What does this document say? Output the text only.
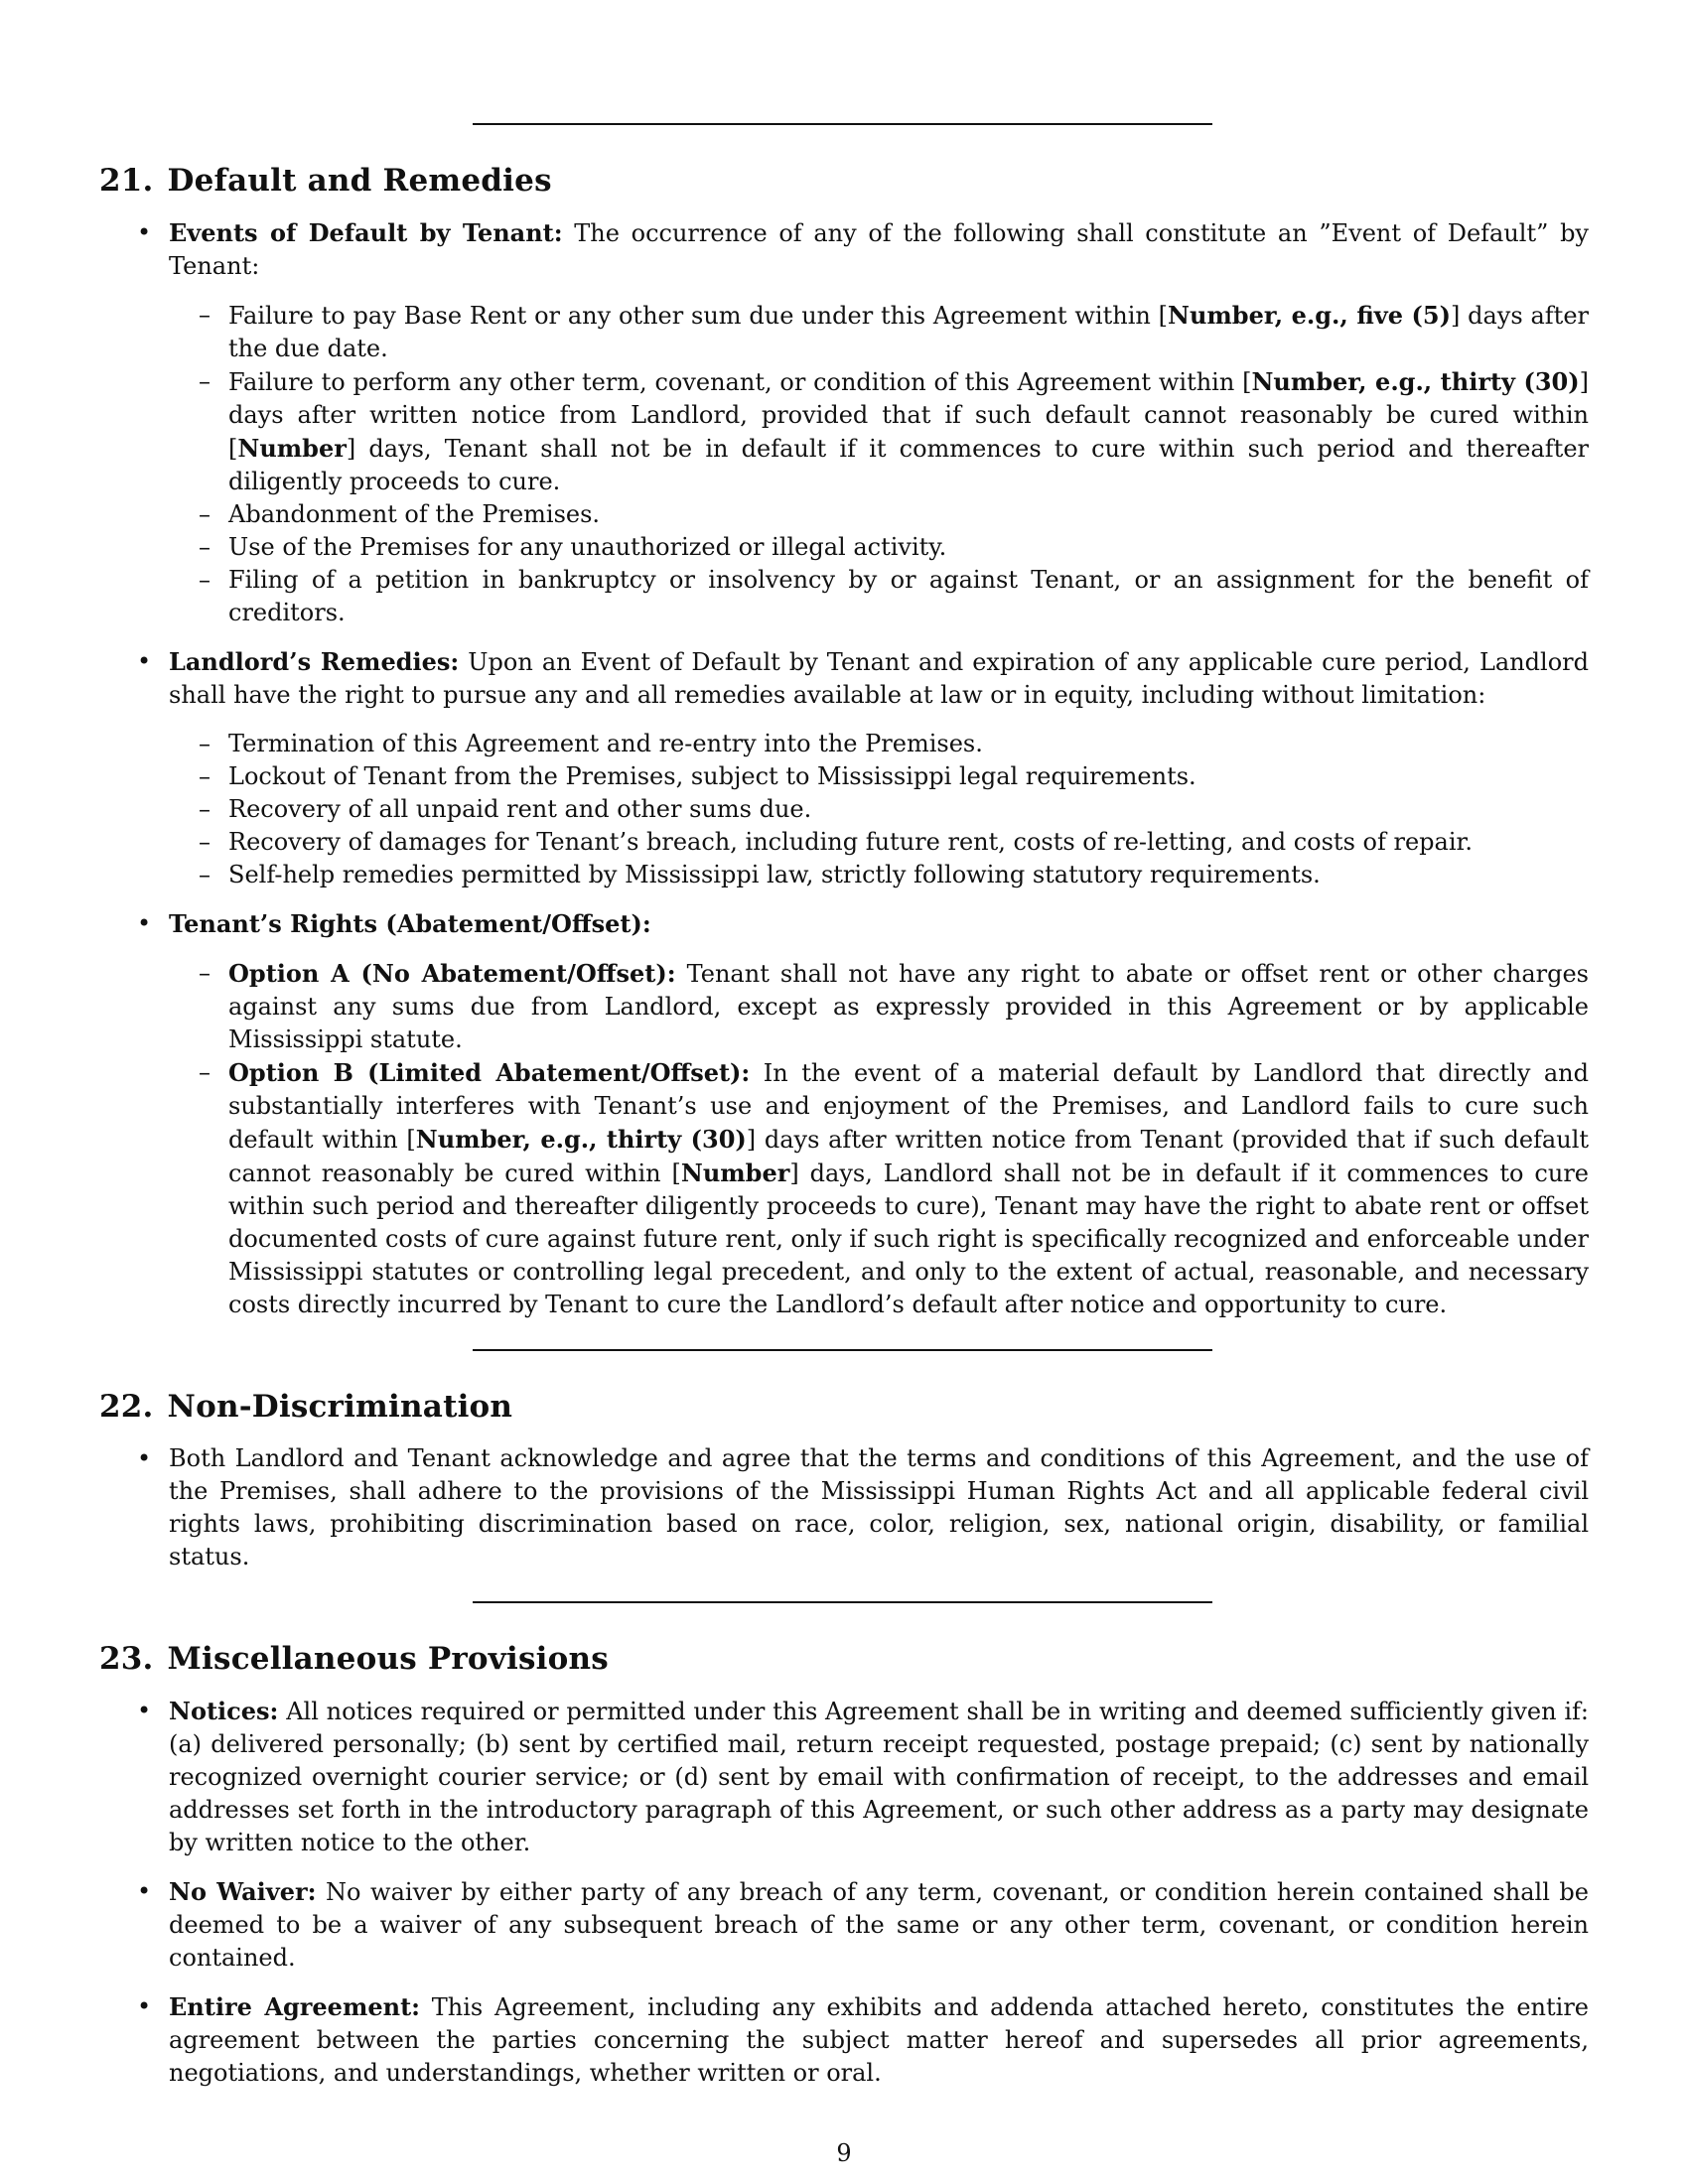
21. Default and Remedies
• Events of Default by Tenant: The occurrence of any of the following shall constitute an ”Event of Default” by Tenant:
– Failure to pay Base Rent or any other sum due under this Agreement within [Number, e.g., five (5)] days after the due date.
– Failure to perform any other term, covenant, or condition of this Agreement within [Number, e.g., thirty (30)] days after written notice from Landlord, provided that if such default cannot reasonably be cured within [Number] days, Tenant shall not be in default if it commences to cure within such period and thereafter diligently proceeds to cure.
– Abandonment of the Premises.
– Use of the Premises for any unauthorized or illegal activity.
– Filing of a petition in bankruptcy or insolvency by or against Tenant, or an assignment for the benefit of creditors.
• Landlord’s Remedies: Upon an Event of Default by Tenant and expiration of any applicable cure period, Landlord shall have the right to pursue any and all remedies available at law or in equity, including without limitation:
– Termination of this Agreement and re-entry into the Premises.
– Lockout of Tenant from the Premises, subject to Mississippi legal requirements.
– Recovery of all unpaid rent and other sums due.
– Recovery of damages for Tenant’s breach, including future rent, costs of re-letting, and costs of repair.
– Self-help remedies permitted by Mississippi law, strictly following statutory requirements.
• Tenant’s Rights (Abatement/Offset):
– Option A (No Abatement/Offset): Tenant shall not have any right to abate or offset rent or other charges against any sums due from Landlord, except as expressly provided in this Agreement or by applicable Mississippi statute.
– Option B (Limited Abatement/Offset): In the event of a material default by Landlord that directly and substantially interferes with Tenant’s use and enjoyment of the Premises, and Landlord fails to cure such default within [Number, e.g., thirty (30)] days after written notice from Tenant (provided that if such default cannot reasonably be cured within [Number] days, Landlord shall not be in default if it commences to cure within such period and thereafter diligently proceeds to cure), Tenant may have the right to abate rent or offset documented costs of cure against future rent, only if such right is specifically recognized and enforceable under Mississippi statutes or controlling legal precedent, and only to the extent of actual, reasonable, and necessary costs directly incurred by Tenant to cure the Landlord’s default after notice and opportunity to cure.
22. Non-Discrimination
• Both Landlord and Tenant acknowledge and agree that the terms and conditions of this Agreement, and the use of the Premises, shall adhere to the provisions of the Mississippi Human Rights Act and all applicable federal civil rights laws, prohibiting discrimination based on race, color, religion, sex, national origin, disability, or familial status.
23. Miscellaneous Provisions
• Notices: All notices required or permitted under this Agreement shall be in writing and deemed sufficiently given if: (a) delivered personally; (b) sent by certified mail, return receipt requested, postage prepaid; (c) sent by nationally recognized overnight courier service; or (d) sent by email with confirmation of receipt, to the addresses and email addresses set forth in the introductory paragraph of this Agreement, or such other address as a party may designate by written notice to the other.
• No Waiver: No waiver by either party of any breach of any term, covenant, or condition herein contained shall be deemed to be a waiver of any subsequent breach of the same or any other term, covenant, or condition herein contained.
• Entire Agreement: This Agreement, including any exhibits and addenda attached hereto, constitutes the entire agreement between the parties concerning the subject matter hereof and supersedes all prior agreements, negotiations, and understandings, whether written or oral.
9
